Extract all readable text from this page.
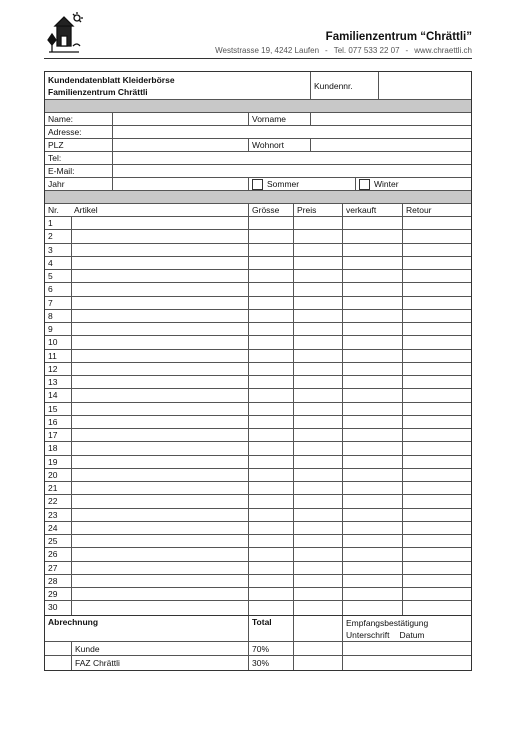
Familienzentrum “Chrättli”
Weststrasse 19, 4242 Laufen - Tel. 077 533 22 07 - www.chraettli.ch
Kundendatenblatt Kleiderbörse
Familienzentrum Chrättli
Kundennr.
Name:	Vorname
Adresse:
PLZ	Wohnort
Tel:
E-Mail:
Jahr	Sommer	Winter
Nr.	Artikel	Grösse	Preis	verkauft	Retour
1
2
3
4
5
6
7
8
9
10
11
12
13
14
15
16
17
18
19
20
21
22
23
24
25
26
27
28
29
30
Abrechnung	Total	Empfangsbestätigung
Unterschrift Datum
Kunde	70%
FAZ Chrättli	30%
